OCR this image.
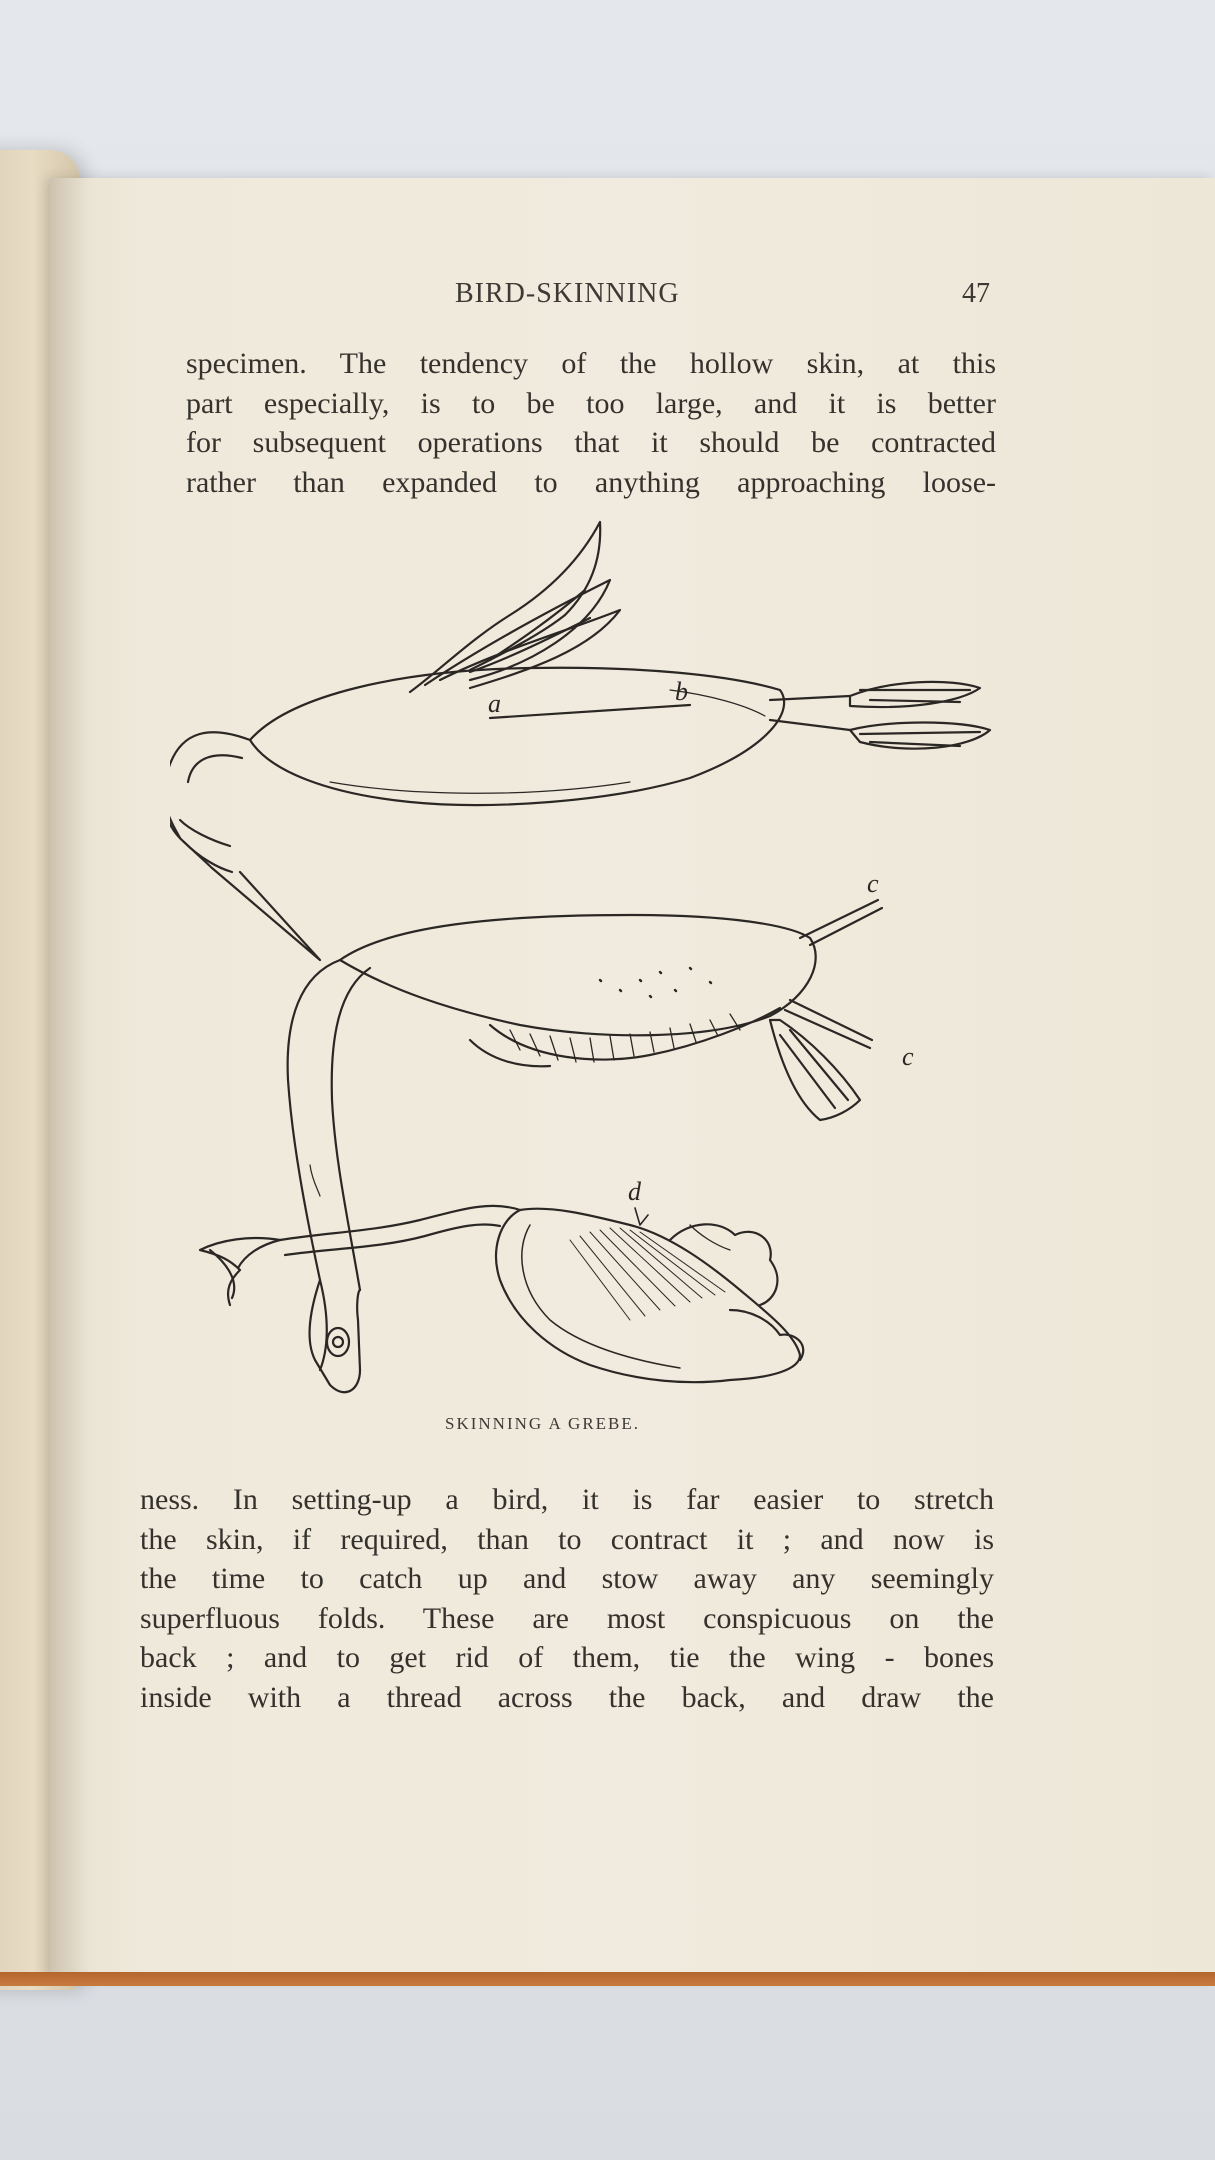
BIRD-SKINNING	47
specimen. The tendency of the hollow skin, at this
part especially, is to be too large, and it is better
for subsequent operations that it should be contracted
rather than expanded to anything approaching loose-
a	b
c
c
d
SKINNING A GREBE.
ness. In setting-up a bird, it is far easier to stretch
the skin, if required, than to contract it ; and now is
the time to catch up and stow away any seemingly
superfluous folds. These are most conspicuous on the
back ; and to get rid of them, tie the wing - bones
inside with a thread across the back, and draw the
